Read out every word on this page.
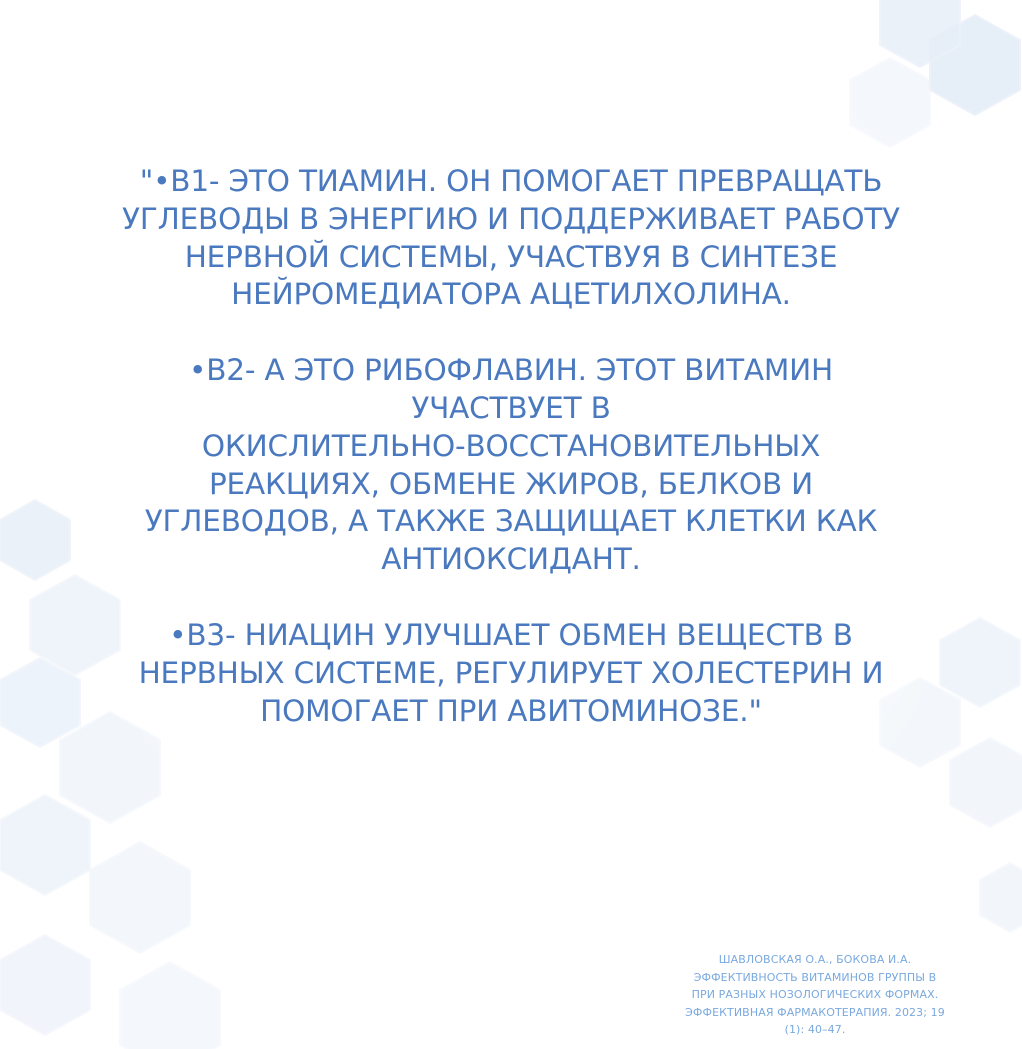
"•В1- ЭТО ТИАМИН. ОН ПОМОГАЕТ ПРЕВРАЩАТЬ
УГЛЕВОДЫ В ЭНЕРГИЮ И ПОДДЕРЖИВАЕТ РАБОТУ
НЕРВНОЙ СИСТЕМЫ, УЧАСТВУЯ В СИНТЕЗЕ
НЕЙРОМЕДИАТОРА АЦЕТИЛХОЛИНА.

•В2- А ЭТО РИБОФЛАВИН. ЭТОТ ВИТАМИН
УЧАСТВУЕТ В
ОКИСЛИТЕЛЬНО-ВОССТАНОВИТЕЛЬНЫХ
РЕАКЦИЯХ, ОБМЕНЕ ЖИРОВ, БЕЛКОВ И
УГЛЕВОДОВ, А ТАКЖЕ ЗАЩИЩАЕТ КЛЕТКИ КАК
АНТИОКСИДАНТ.

•В3- НИАЦИН УЛУЧШАЕТ ОБМЕН ВЕЩЕСТВ В
НЕРВНЫХ СИСТЕМЕ, РЕГУЛИРУЕТ ХОЛЕСТЕРИН И
ПОМОГАЕТ ПРИ АВИТОМИНОЗЕ."

ШАВЛОВСКАЯ О.А., БОКОВА И.А.
ЭФФЕКТИВНОСТЬ ВИТАМИНОВ ГРУППЫ В
ПРИ РАЗНЫХ НОЗОЛОГИЧЕСКИХ ФОРМАХ.
ЭФФЕКТИВНАЯ ФАРМАКОТЕРАПИЯ. 2023; 19
(1): 40–47.
